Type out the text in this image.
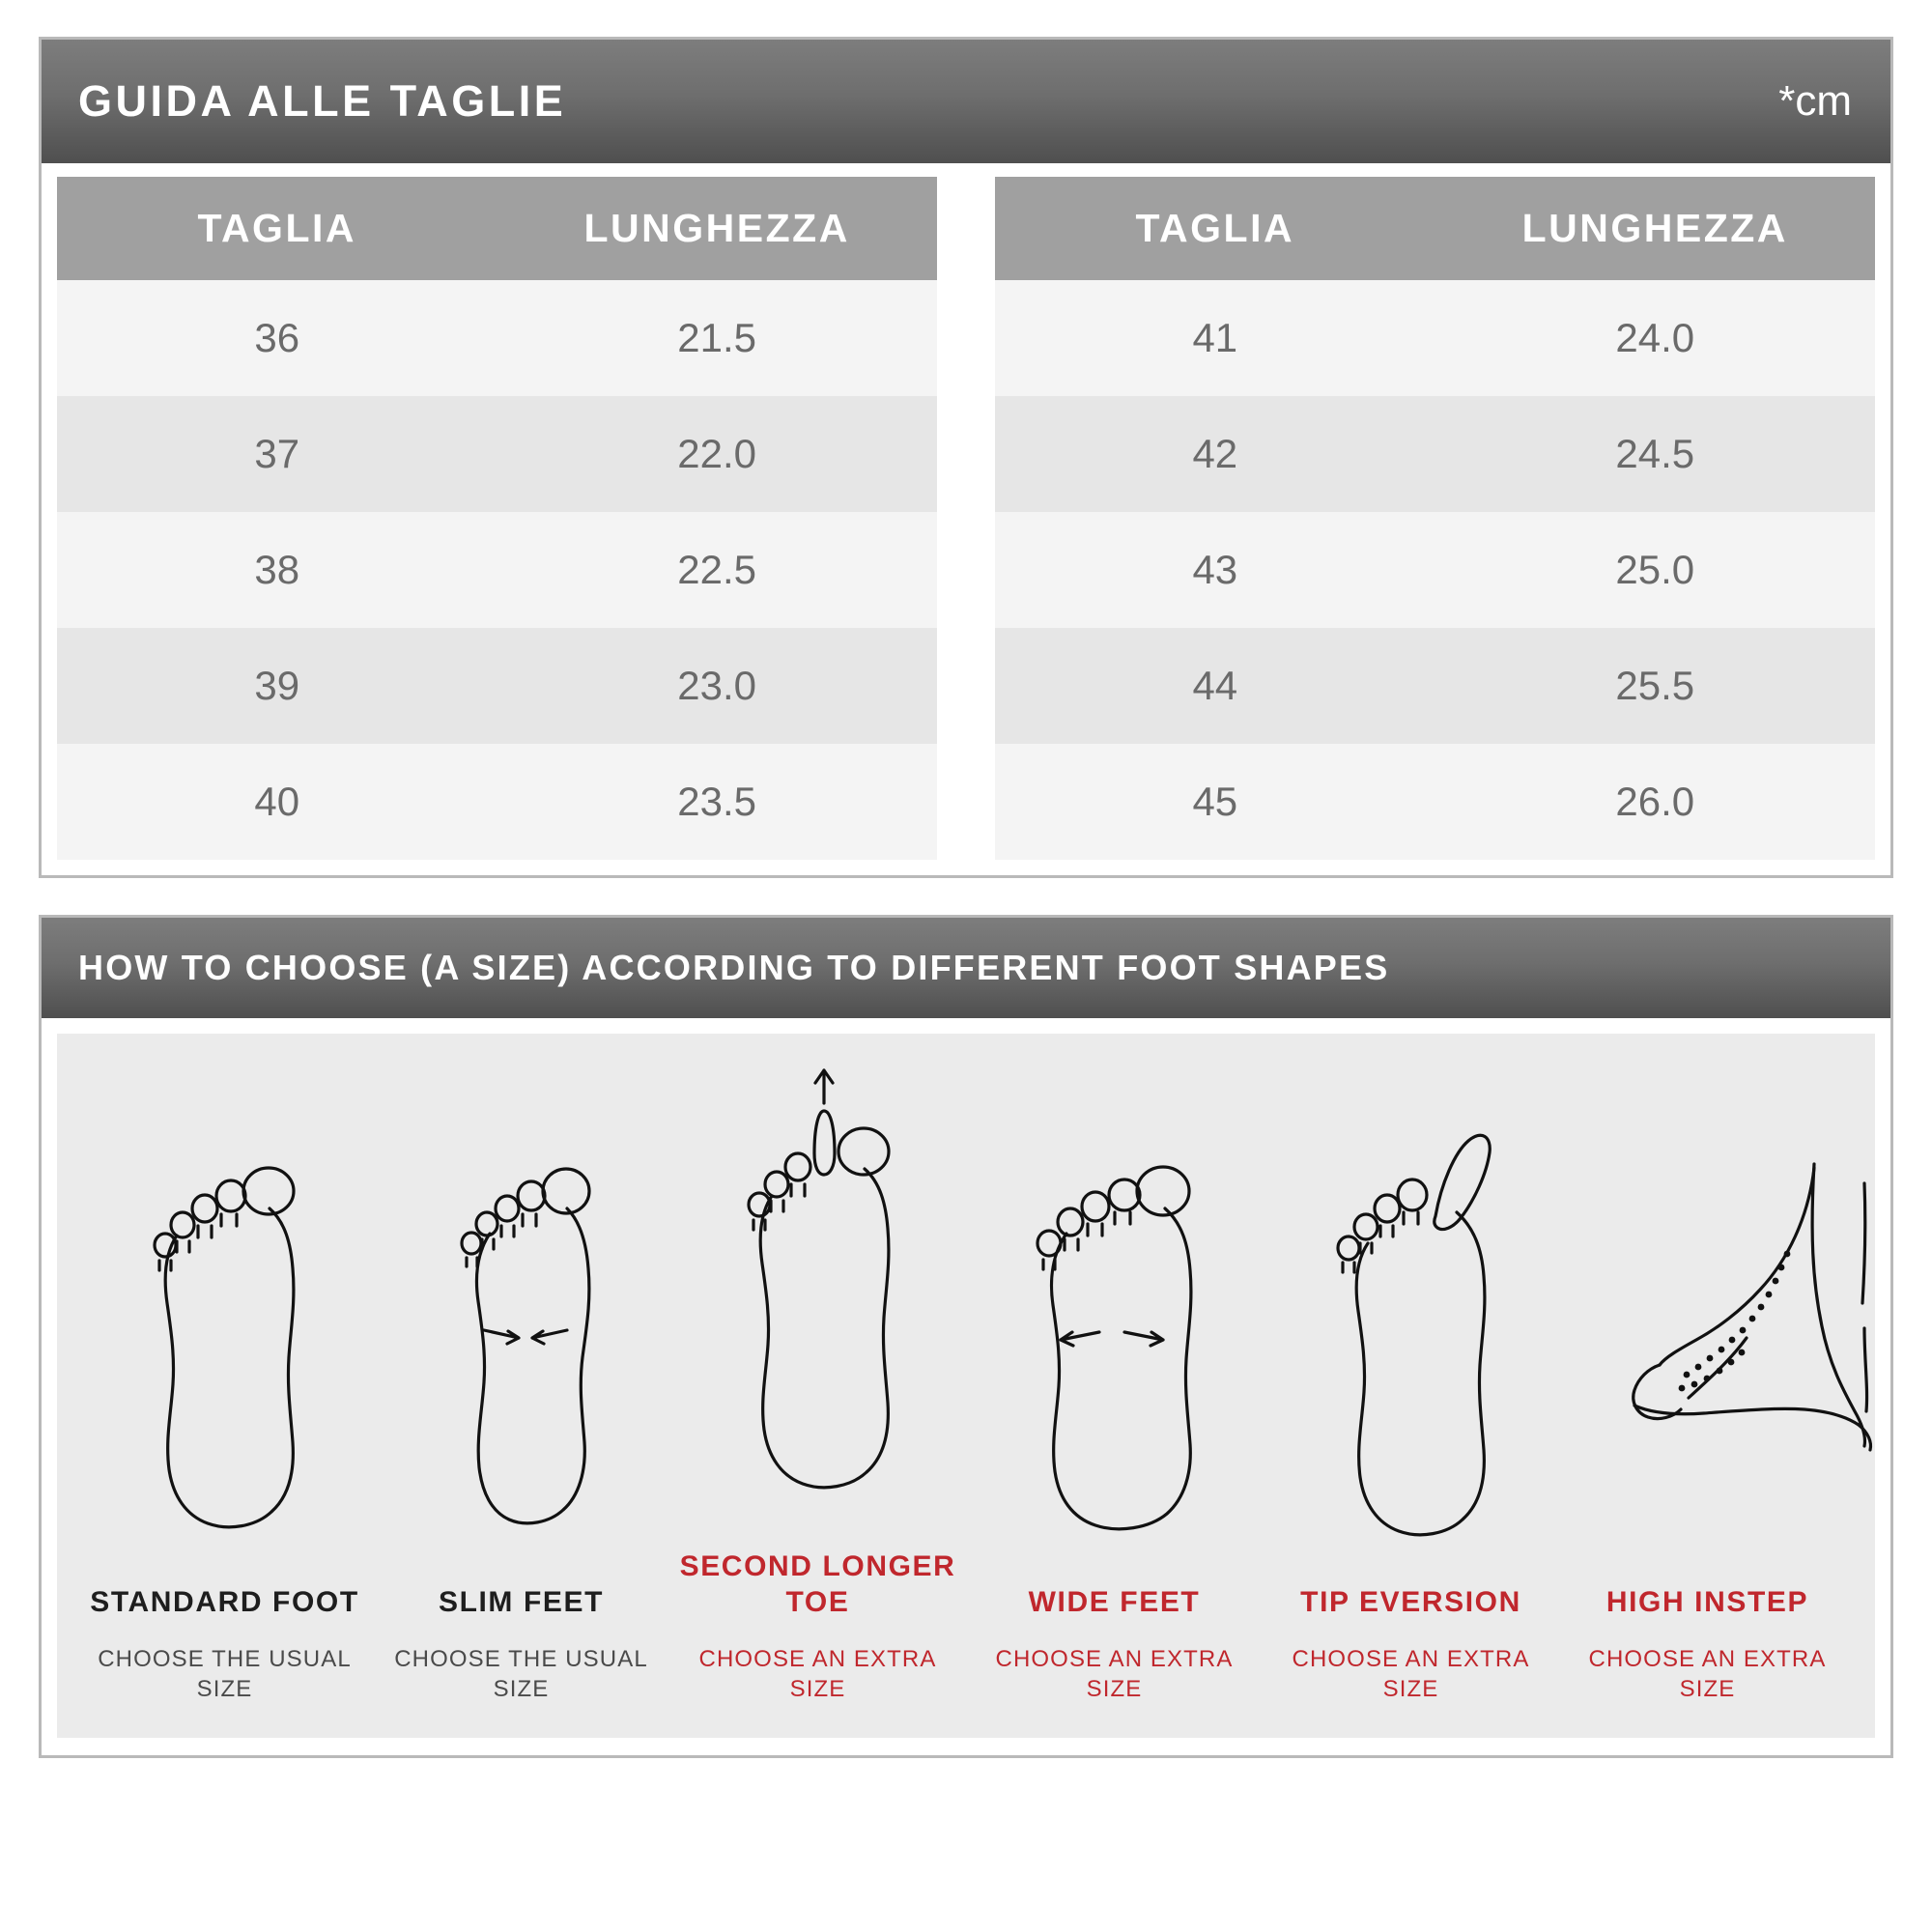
GUIDA ALLE TAGLIE	*cm
TAGLIA	LUNGHEZZA		TAGLIA	LUNGHEZZA
36	21.5		41	24.0
37	22.0		42	24.5
38	22.5		43	25.0
39	23.0		44	25.5
40	23.5		45	26.0
HOW TO CHOOSE (A SIZE) ACCORDING TO DIFFERENT FOOT SHAPES
STANDARD FOOT
CHOOSE THE USUAL SIZE
SLIM FEET
CHOOSE THE USUAL SIZE
SECOND LONGER TOE
CHOOSE AN EXTRA SIZE
WIDE FEET
CHOOSE AN EXTRA SIZE
TIP EVERSION
CHOOSE AN EXTRA SIZE
HIGH INSTEP
CHOOSE AN EXTRA SIZE
